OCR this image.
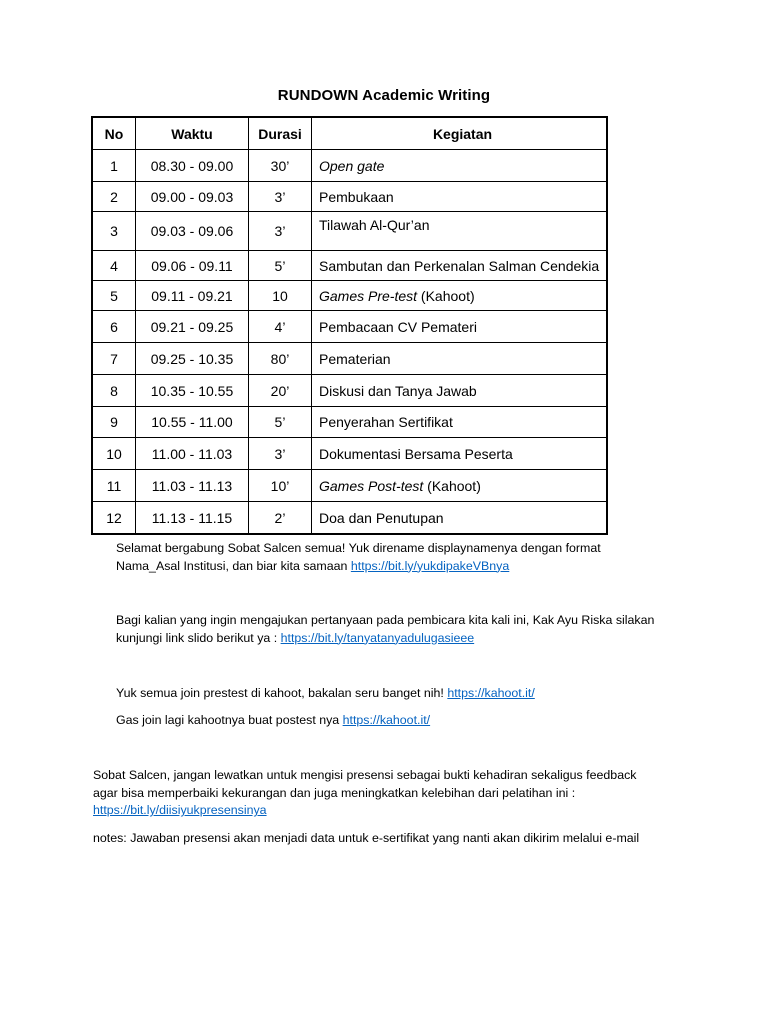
RUNDOWN Academic Writing
No	Waktu	Durasi	Kegiatan
1	08.30 - 09.00	30’	Open gate
2	09.00 - 09.03	3’	Pembukaan
3	09.03 - 09.06	3’	Tilawah Al-Qur’an
4	09.06 - 09.11	5’	Sambutan dan Perkenalan Salman Cendekia
5	09.11 - 09.21	10	Games Pre-test (Kahoot)
6	09.21 - 09.25	4’	Pembacaan CV Pemateri
7	09.25 - 10.35	80’	Pematerian
8	10.35 - 10.55	20’	Diskusi dan Tanya Jawab
9	10.55 - 11.00	5’	Penyerahan Sertifikat
10	11.00 - 11.03	3’	Dokumentasi Bersama Peserta
11	11.03 - 11.13	10’	Games Post-test (Kahoot)
12	11.13 - 11.15	2’	Doa dan Penutupan

Selamat bergabung Sobat Salcen semua! Yuk direname displaynamenya dengan format
Nama_Asal Institusi, dan biar kita samaan https://bit.ly/yukdipakeVBnya

Bagi kalian yang ingin mengajukan pertanyaan pada pembicara kita kali ini, Kak Ayu Riska silakan
kunjungi link slido berikut ya : https://bit.ly/tanyatanyadulugasieee

Yuk semua join prestest di kahoot, bakalan seru banget nih! https://kahoot.it/

Gas join lagi kahootnya buat postest nya https://kahoot.it/

Sobat Salcen, jangan lewatkan untuk mengisi presensi sebagai bukti kehadiran sekaligus feedback
agar bisa memperbaiki kekurangan dan juga meningkatkan kelebihan dari pelatihan ini :
https://bit.ly/diisiyukpresensinya

notes: Jawaban presensi akan menjadi data untuk e-sertifikat yang nanti akan dikirim melalui e-mail
